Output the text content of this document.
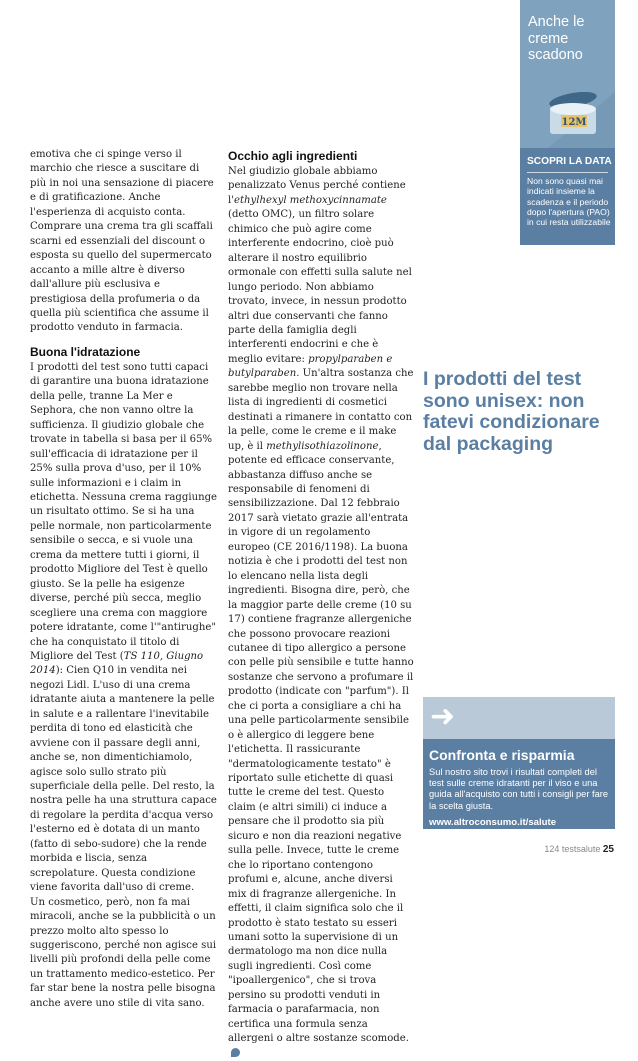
Anche le creme scadono
12M
SCOPRI LA DATA
Non sono quasi mai indicati insieme la scadenza e il periodo dopo l'apertura (PAO) in cui resta utilizzabile

emotiva che ci spinge verso il marchio che riesce a suscitare di più in noi una sensazione di piacere e di gratificazione. Anche l'esperienza di acquisto conta. Comprare una crema tra gli scaffali scarni ed essenziali del discount o esposta su quello del supermercato accanto a mille altre è diverso dall'allure più esclusiva e prestigiosa della profumeria o da quella più scientifica che assume il prodotto venduto in farmacia.

Buona l'idratazione

I prodotti del test sono tutti capaci di garantire una buona idratazione della pelle, tranne La Mer e Sephora, che non vanno oltre la sufficienza. Il giudizio globale che trovate in tabella si basa per il 65% sull'efficacia di idratazione per il 25% sulla prova d'uso, per il 10% sulle informazioni e i claim in etichetta. Nessuna crema raggiunge un risultato ottimo. Se si ha una pelle normale, non particolarmente sensibile o secca, e si vuole una crema da mettere tutti i giorni, il prodotto Migliore del Test è quello giusto. Se la pelle ha esigenze diverse, perché più secca, meglio scegliere una crema con maggiore potere idratante, come l'"antirughe" che ha conquistato il titolo di Migliore del Test (TS 110, Giugno 2014): Cien Q10 in vendita nei negozi Lidl. L'uso di una crema idratante aiuta a mantenere la pelle in salute e a rallentare l'inevitabile perdita di tono ed elasticità che avviene con il passare degli anni, anche se, non dimentichiamolo, agisce solo sullo strato più superficiale della pelle. Del resto, la nostra pelle ha una struttura capace di regolare la perdita d'acqua verso l'esterno ed è dotata di un manto (fatto di sebo-sudore) che la rende morbida e liscia, senza screpolature. Questa condizione viene favorita dall'uso di creme.

Un cosmetico, però, non fa mai miracoli, anche se la pubblicità o un prezzo molto alto spesso lo suggeriscono, perché non agisce sui livelli più profondi della pelle come un trattamento medico-estetico. Per far star bene la nostra pelle bisogna anche avere uno stile di vita sano.

Occhio agli ingredienti

Nel giudizio globale abbiamo penalizzato Venus perché contiene l'ethylhexyl methoxycinnamate (detto OMC), un filtro solare chimico che può agire come interferente endocrino, cioè può alterare il nostro equilibrio ormonale con effetti sulla salute nel lungo periodo. Non abbiamo trovato, invece, in nessun prodotto altri due conservanti che fanno parte della famiglia degli interferenti endocrini e che è meglio evitare: propylparaben e butylparaben. Un'altra sostanza che sarebbe meglio non trovare nella lista di ingredienti di cosmetici destinati a rimanere in contatto con la pelle, come le creme e il make up, è il methylisothiazolinone, potente ed efficace conservante, abbastanza diffuso anche se responsabile di fenomeni di sensibilizzazione. Dal 12 febbraio 2017 sarà vietato grazie all'entrata in vigore di un regolamento europeo (CE 2016/1198). La buona notizia è che i prodotti del test non lo elencano nella lista degli ingredienti. Bisogna dire, però, che la maggior parte delle creme (10 su 17) contiene fragranze allergeniche che possono provocare reazioni cutanee di tipo allergico a persone con pelle più sensibile e tutte hanno sostanze che servono a profumare il prodotto (indicate con "parfum"). Il che ci porta a consigliare a chi ha una pelle particolarmente sensibile o è allergico di leggere bene l'etichetta. Il rassicurante "dermatologicamente testato" è riportato sulle etichette di quasi tutte le creme del test. Questo claim (e altri simili) ci induce a pensare che il prodotto sia più sicuro e non dia reazioni negative sulla pelle. Invece, tutte le creme che lo riportano contengono profumi e, alcune, anche diversi mix di fragranze allergeniche. In effetti, il claim significa solo che il prodotto è stato testato su esseri umani sotto la supervisione di un dermatologo ma non dice nulla sugli ingredienti. Così come "ipoallergenico", che si trova persino su prodotti venduti in farmacia o parafarmacia, non certifica una formula senza allergeni o altre sostanze scomode.

I prodotti del test sono unisex: non fatevi condizionare dal packaging
➜
Confronta e risparmia
Sul nostro sito trovi i risultati completi del test sulle creme idratanti per il viso e una guida all'acquisto con tutti i consigli per fare la scelta giusta.
www.altroconsumo.it/salute
124 testsalute 25
